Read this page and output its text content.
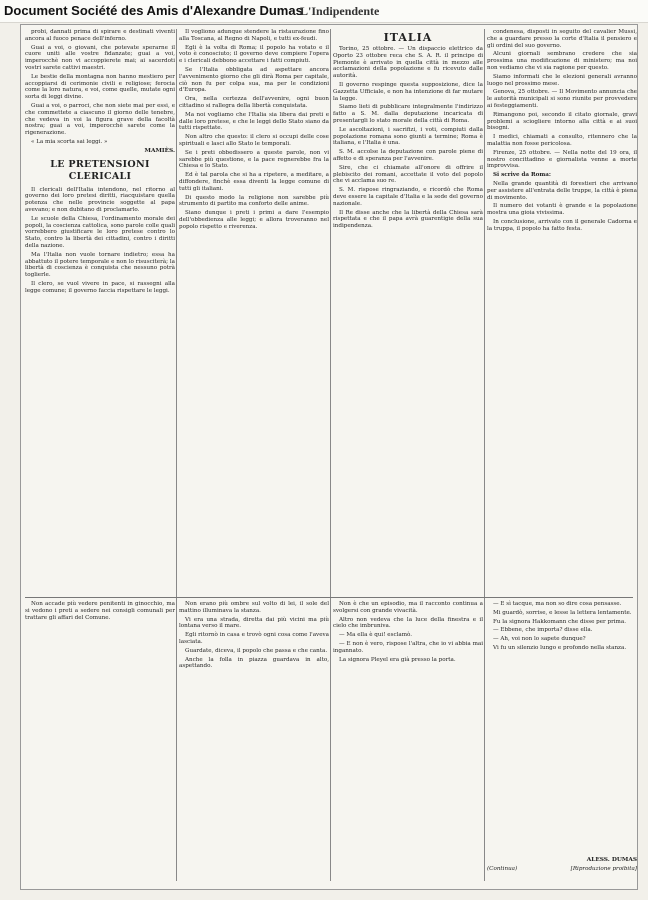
Document Société des Amis d'Alexandre Dumas
L'Indipendente

probi, dannati prima di spirare e destinati viventi ancora al fuoco penace dell'inferno.

Guai a voi, o giovani, che potevate sperarne il cuore uniti alle vostre fidanzate; guai a voi, imperocchè non vi accoppierete mai; ai sacerdoti vostri sarete cattivi maestri.

Le bestie della montagna non hanno mestiero per accoppiarsi di cerimonie civili e religiose; ferocia come la loro natura, e voi, come quelle, mutate ogni sorta di leggi divine.

Guai a voi, o parroci, che non siete mai per essi, e che commettete a ciascuno il giorno delle tenebre, che vedeva in voi la figura grave della facoltà nostra; guai a voi, imperocchè sarete come la rigenerazione.

« La mia scorta sai leggi. »

MAMIÈS.
LE PRETENSIONI CLERICALI

Il clericali dell'Italia intendono, nel ritorno al governo dei loro pretesi diritti, riacquistare quella potenza che nelle provincie soggette al papa avevano; e non dubitano di proclamarlo.

Le scuole della Chiesa, l'ordinamento morale dei popoli, la coscienza cattolica, sono parole colle quali vorrebbero giustificare le loro pretese contro lo Stato, contro la libertà dei cittadini, contro i diritti della nazione.

Ma l'Italia non vuole tornare indietro; essa ha abbattuto il potere temporale e non lo risusciterà; la libertà di coscienza è conquista che nessuno potrà toglierle.

Il clero, se vuol vivere in pace, si rassegni alla legge comune; il governo faccia rispettare le leggi.

Non accade più vedere penitenti in ginocchio, ma si vedono i preti a sedere nei consigli comunali per trattare gli affari del Comune.

Il vogliono adunque stendere la ristaurazione fino alla Toscana, al Regno di Napoli, e tutti ex-feudi.

Egli è la volta di Roma; il popolo ha votato e il voto è conosciuto; il governo deve compiere l'opera e i clericali debbono accettare i fatti compiuti.

Se l'Italia obbligata ad aspettare ancora l'avvenimento giorno che gli dirà Roma per capitale, ciò non fu per colpa sua, ma per le condizioni d'Europa.

Ora, nella certezza dell'avvenire, ogni buon cittadino si rallegra della libertà conquistata.

Ma noi vogliamo che l'Italia sia libera dai preti e dalle loro pretese, e che le leggi dello Stato siano da tutti rispettate.

Non altro che questo: il clero si occupi delle cose spirituali e lasci allo Stato le temporali.

Se i preti obbedissero a queste parole, non vi sarebbe più questione, e la pace regnerebbe fra la Chiesa e lo Stato.

Ed è tal parola che si ha a ripetere, a meditare, a diffondere, finchè essa diventi la legge comune di tutti gli italiani.

Di questo modo la religione non sarebbe più strumento di partito ma conforto delle anime.

Siano dunque i preti i primi a dare l'esempio dell'obbedienza alle leggi; e allora troveranno nel popolo rispetto e riverenza.

Non erano più ombre sul volto di lei, il sole del mattino illuminava la stanza.

Vi era una strada, diretta dai più vicini ma più lontana verso il mare.

Egli ritornò in casa e trovò ogni cosa come l'aveva lasciata.

Guardate, diceva, il popolo che passa e che canta.

Anche la folla in piazza guardava in alto, aspettando.

ITALIA

Torino, 25 ottobre. — Un dispaccio elettrico da Oporto 23 ottobre reca che S. A. R. il principe di Piemonte è arrivato in quella città in mezzo alle acclamazioni della popolazione e fu ricevuto dalle autorità.

Il governo respinge questa supposizione, dice la Gazzetta Ufficiale, e non ha intenzione di far mutare la legge.

Siamo lieti di pubblicare integralmente l'indirizzo fatto a S. M. dalla deputazione incaricata di presentargli lo stato morale della città di Roma.

Le ascoltazioni, i sacrifizi, i voti, compiuti dalla popolazione romana sono giunti a termine; Roma è italiana, e l'Italia è una.

S. M. accolse la deputazione con parole piene di affetto e di speranza per l'avvenire.

Sire, che ci chiamate all'onore di offrire il plebiscito dei romani, accettate il voto del popolo che vi acclama suo re.

S. M. rispose ringraziando, e ricordò che Roma deve essere la capitale d'Italia e la sede del governo nazionale.

Il Re disse anche che la libertà della Chiesa sarà rispettata e che il papa avrà guarentigie della sua indipendenza.

Non è che un episodio, ma il racconto continua a svolgersi con grande vivacità.

Altro non vedeva che la luce della finestra e il cielo che imbruniva.

— Ma ella è qui! esclamò.

— E non è vero, rispose l'altra, che io vi abbia mai ingannato.

La signora Pleyel era già presso la porta.

condenesa, disposti in seguito del cavalier Mussi, che a guardare presso la corte d'Italia il pensiero e gli ordini del suo governo.

Alcuni giornali sembrano credere che sia prossima una modificazione di ministero; ma noi non vediamo che vi sia ragione per questo.

Siamo informati che le elezioni generali avranno luogo nel prossimo mese.

Genova, 25 ottobre. — Il Movimento annuncia che le autorità municipali si sono riunite per provvedere ai festeggiamenti.

Rimangono poi, secondo il citato giornale, gravi problemi a sciogliere intorno alla città e ai suoi bisogni.

I medici, chiamati a consulto, ritennero che la malattia non fosse pericolosa.

Firenze, 25 ottobre. — Nella notte del 19 ora, il nostro concittadino e giornalista venne a morte improvvisa.

Si scrive da Roma:

Nella grande quantità di forestieri che arrivano per assistere all'entrata delle truppe, la città è piena di movimento.

Il numero dei votanti è grande e la popolazione mostra una gioia vivissima.

In conclusione, arrivato con il generale Cadorna e la truppa, il popolo ha fatto festa.

— E sì tacque, ma non so dire cosa pensasse.

Mi guardò, sorrise, e lesse la lettera lentamente.

Fu la signora Hakkomann che disse per prima.

— Ebbene, che importa? disse ella.

— Ah, voi non lo sapete dunque?

Vi fu un silenzio lungo e profondo nella stanza.

ALESS. DUMAS
(Continua)	[Riproduzione proibita]
